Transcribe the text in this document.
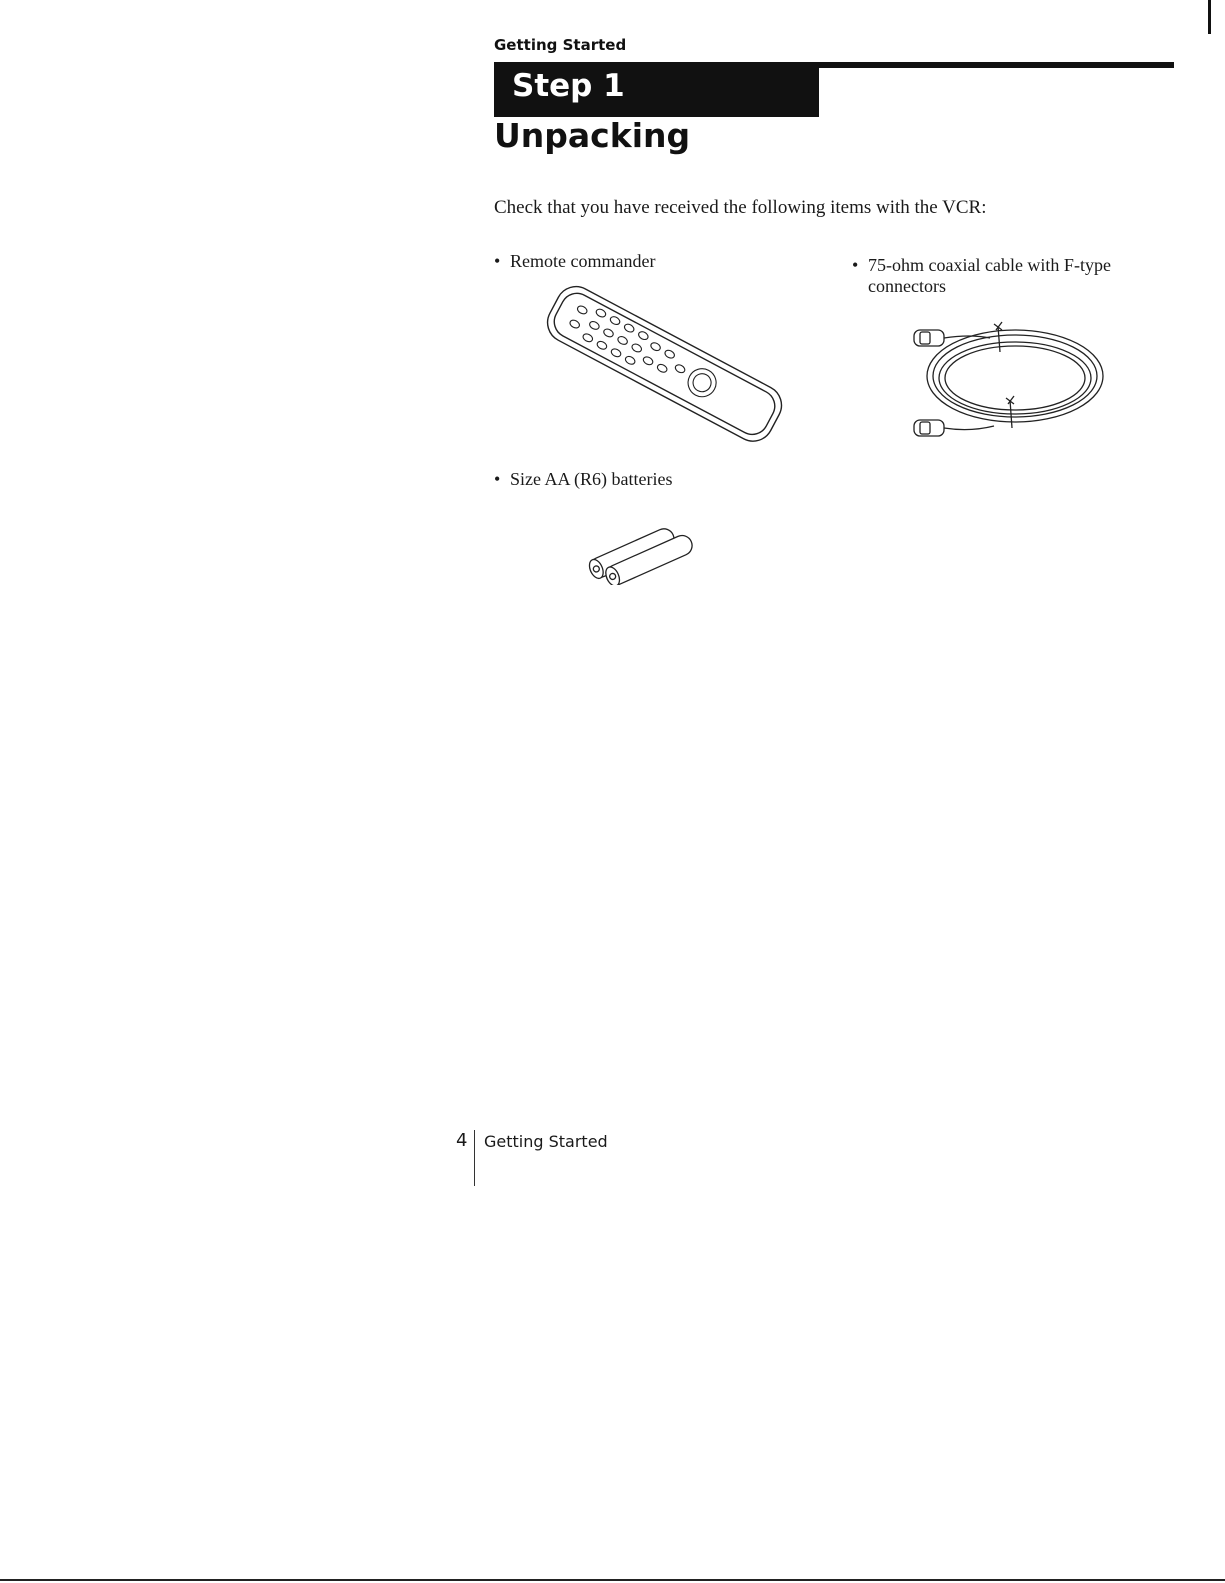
Getting Started
Step 1
Unpacking

Check that you have received the following items with the VCR:

• Remote commander	• 75-ohm coaxial cable with F-type
connectors
• Size AA (R6) batteries
4 Getting Started
